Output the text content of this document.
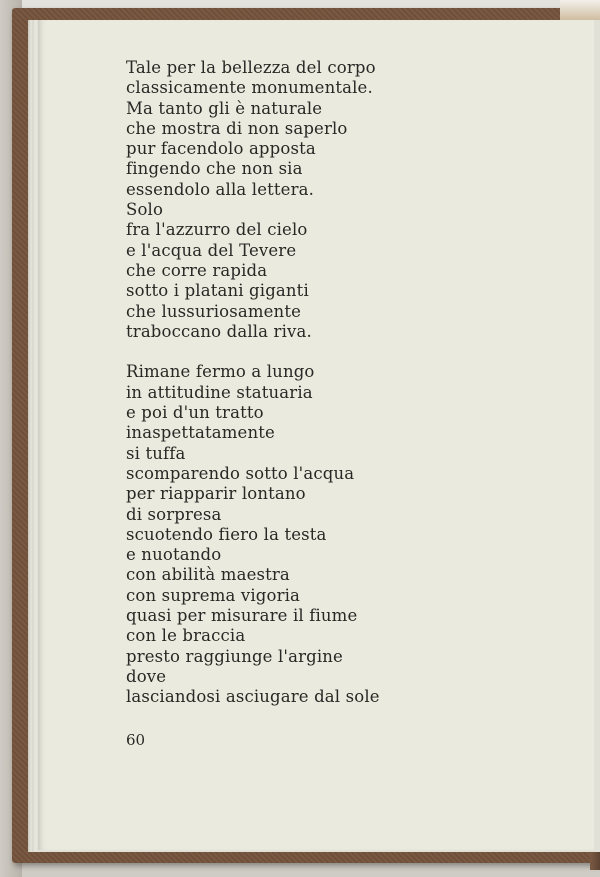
Tale per la bellezza del corpo
classicamente monumentale.
Ma tanto gli è naturale
che mostra di non saperlo
pur facendolo apposta
fingendo che non sia
essendolo alla lettera.
Solo
fra l'azzurro del cielo
e l'acqua del Tevere
che corre rapida
sotto i platani giganti
che lussuriosamente
traboccano dalla riva.
Rimane fermo a lungo
in attitudine statuaria
e poi d'un tratto
inaspettatamente
si tuffa
scomparendo sotto l'acqua
per riapparir lontano
di sorpresa
scuotendo fiero la testa
e nuotando
con abilità maestra
con suprema vigoria
quasi per misurare il fiume
con le braccia
presto raggiunge l'argine
dove
lasciandosi asciugare dal sole
60
